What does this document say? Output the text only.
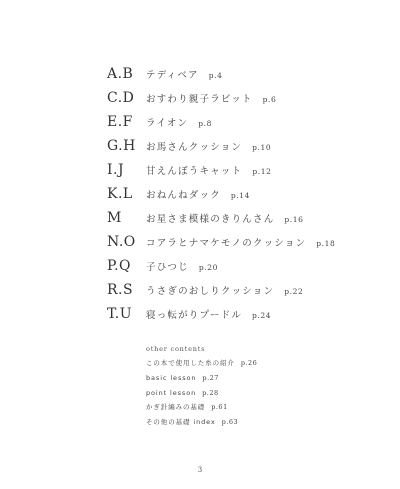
A.B テディベア p.4
C.D おすわり親子ラビット p.6
E.F ライオン p.8
G.H お馬さんクッション p.10
I.J 甘えんぼうキャット p.12
K.L おねんねダック p.14
M	お星さま模様のきりんさん p.16
N.O コアラとナマケモノのクッション p.18
P.Q 子ひつじ p.20
R.S うさぎのおしりクッション p.22
T.U 寝っ転がりプードル p.24
other contents
この本で使用した糸の紹介 p.26
basic lesson p.27
point lesson p.28
かぎ針編みの基礎 p.61
その他の基礎 index p.63
3
